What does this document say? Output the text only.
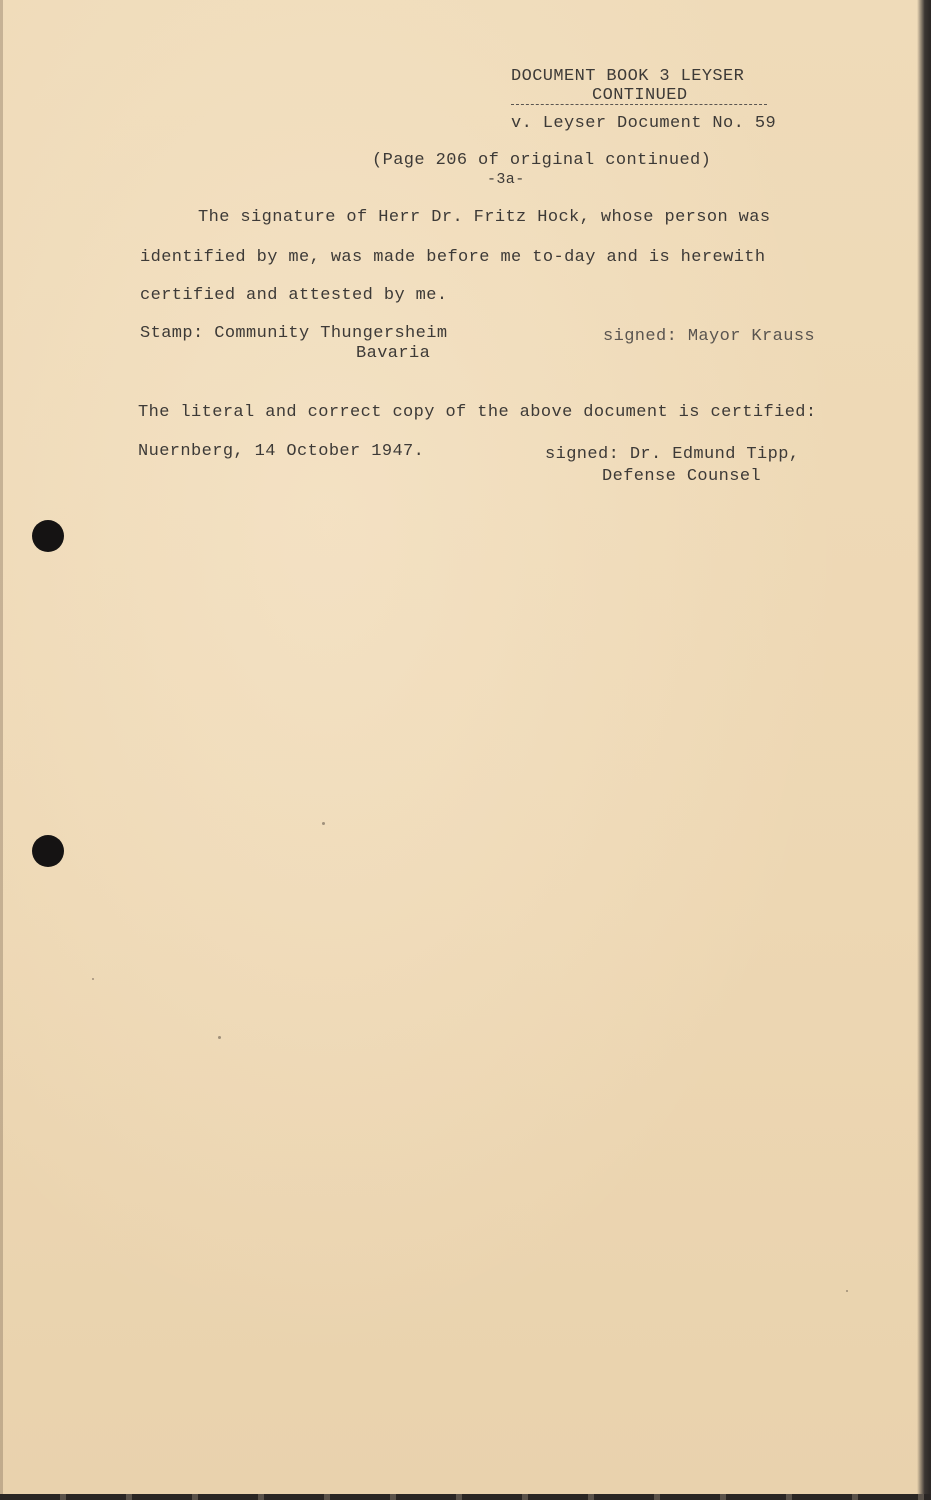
DOCUMENT BOOK 3 LEYSER
CONTINUED
v. Leyser Document No. 59
(Page 206 of original continued)
-3a-
The signature of Herr Dr. Fritz Hock, whose person was
identified by me, was made before me to-day and is herewith
certified and attested by me.
Stamp: Community Thungersheim
Bavaria
signed: Mayor Krauss
The literal and correct copy of the above document is certified:
Nuernberg, 14 October 1947.	signed: Dr. Edmund Tipp,
Defense Counsel
